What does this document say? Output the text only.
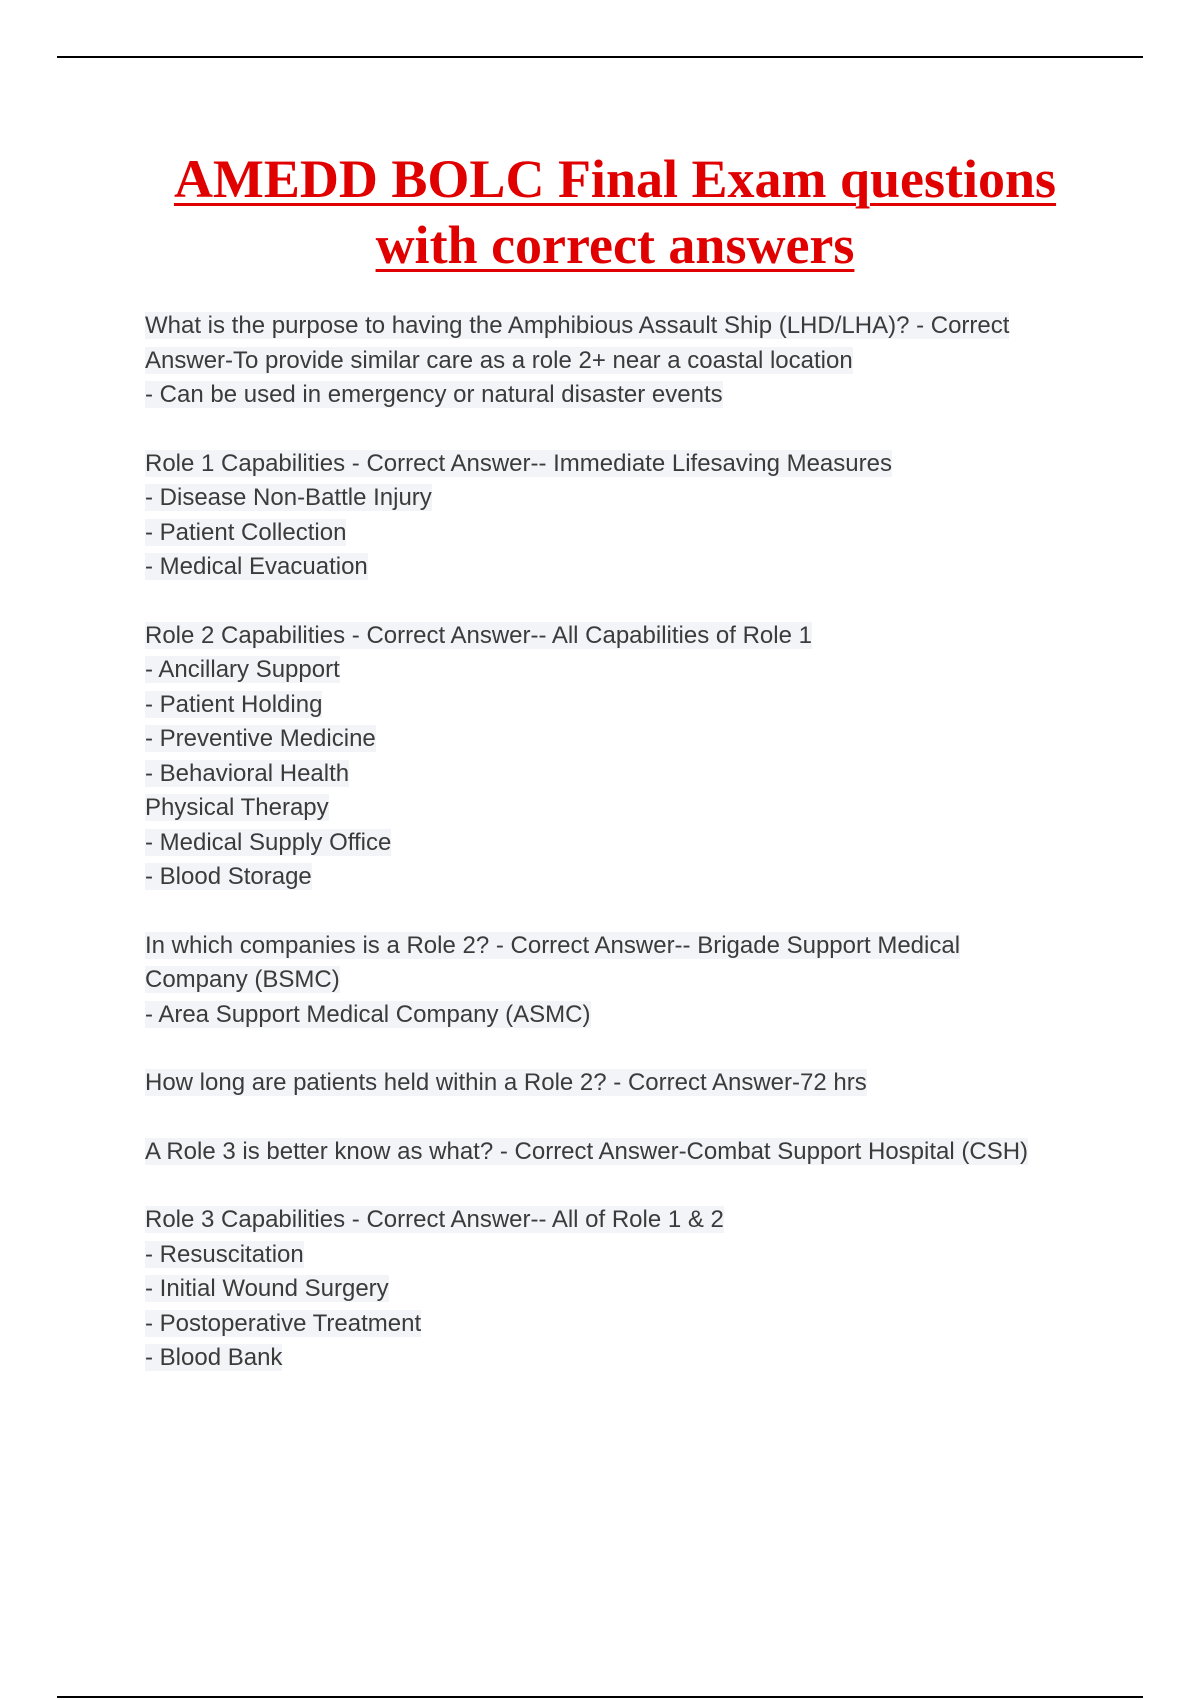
AMEDD BOLC Final Exam questions
with correct answers
What is the purpose to having the Amphibious Assault Ship (LHD/LHA)? - Correct
Answer-To provide similar care as a role 2+ near a coastal location
- Can be used in emergency or natural disaster events
Role 1 Capabilities - Correct Answer-- Immediate Lifesaving Measures
- Disease Non-Battle Injury
- Patient Collection
- Medical Evacuation
Role 2 Capabilities - Correct Answer-- All Capabilities of Role 1
- Ancillary Support
- Patient Holding
- Preventive Medicine
- Behavioral Health
Physical Therapy
- Medical Supply Office
- Blood Storage
In which companies is a Role 2? - Correct Answer-- Brigade Support Medical
Company (BSMC)
- Area Support Medical Company (ASMC)
How long are patients held within a Role 2? - Correct Answer-72 hrs
A Role 3 is better know as what? - Correct Answer-Combat Support Hospital (CSH)
Role 3 Capabilities - Correct Answer-- All of Role 1 & 2
- Resuscitation
- Initial Wound Surgery
- Postoperative Treatment
- Blood Bank
